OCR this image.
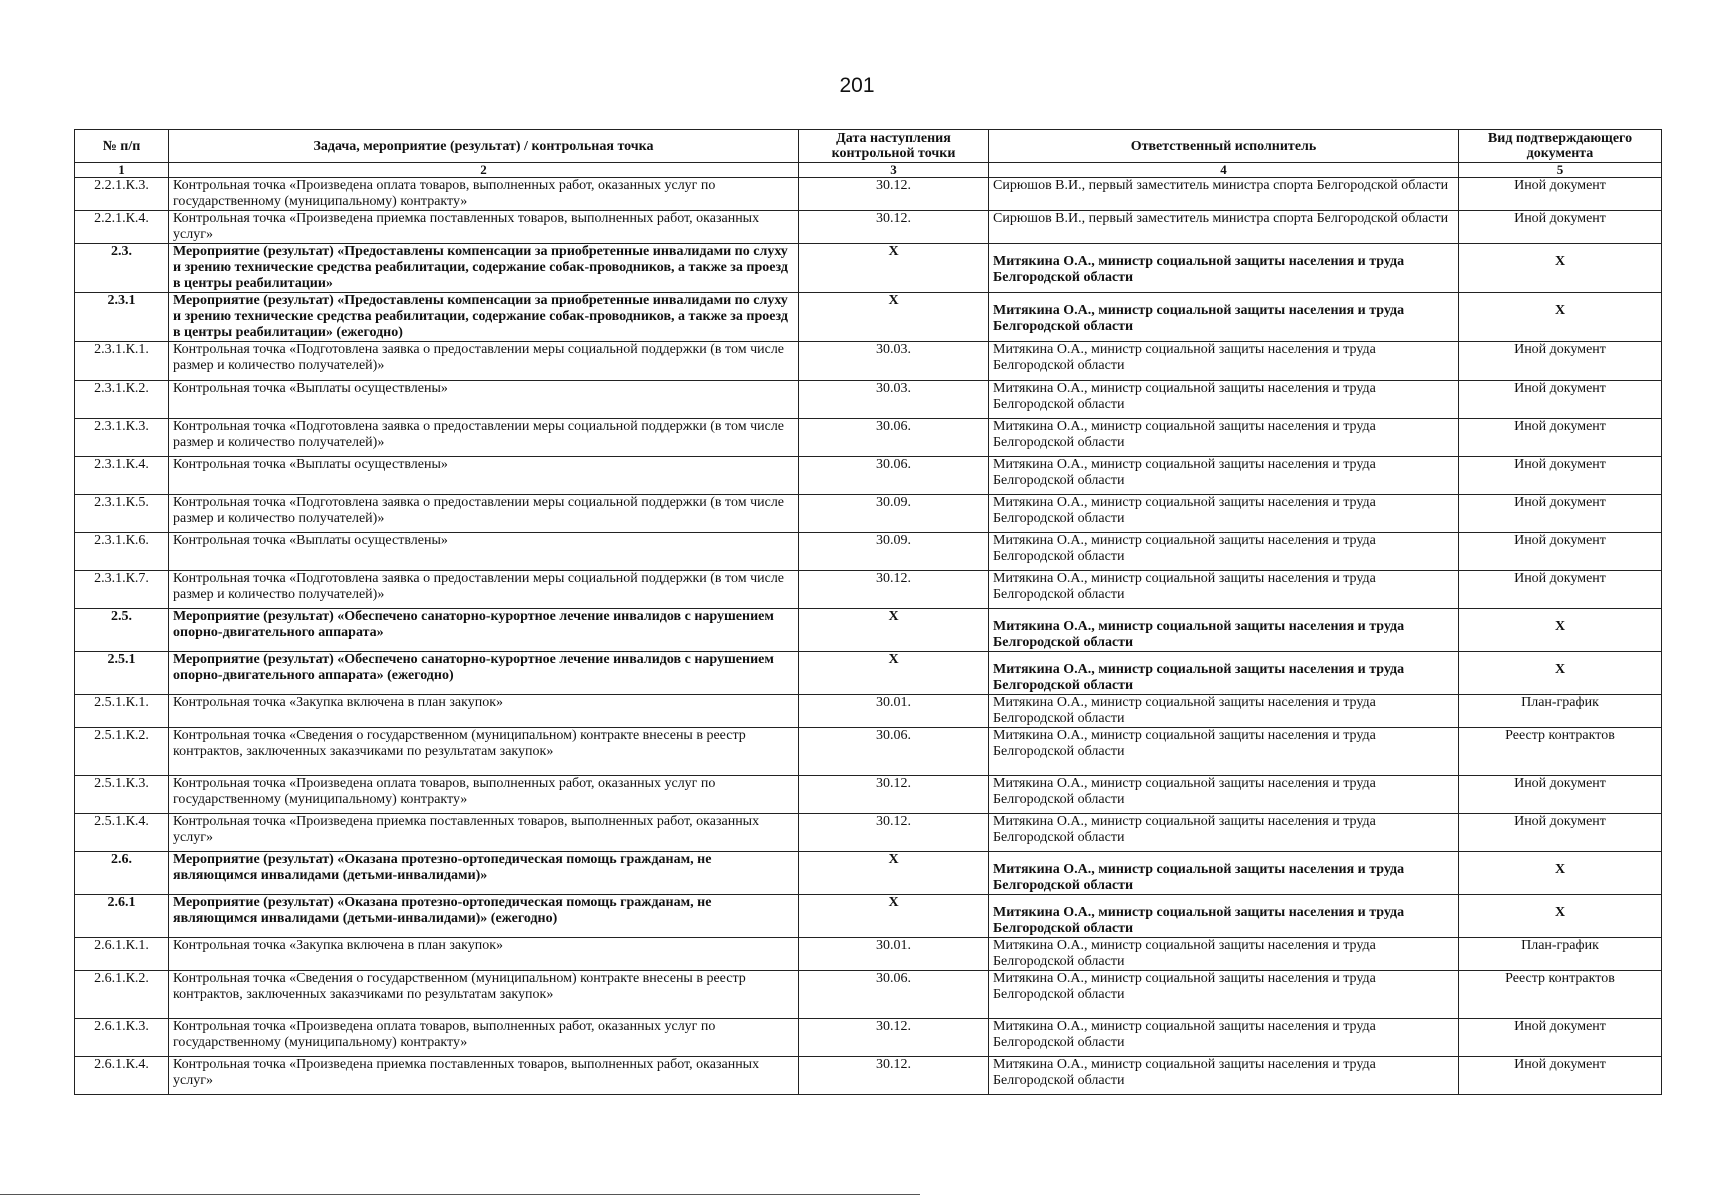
201
№ п/п	Задача, мероприятие (результат) / контрольная точка	Дата наступления контрольной точки	Ответственный исполнитель	Вид подтверждающего документа
1	2	3	4	5
2.2.1.К.3.	Контрольная точка «Произведена оплата товаров, выполненных работ, оказанных услуг по государственному (муниципальному) контракту»	30.12.	Сирюшов В.И., первый заместитель министра спорта Белгородской области	Иной документ
2.2.1.К.4.	Контрольная точка «Произведена приемка поставленных товаров, выполненных работ, оказанных услуг»	30.12.	Сирюшов В.И., первый заместитель министра спорта Белгородской области	Иной документ
2.3.	Мероприятие (результат) «Предоставлены компенсации за приобретенные инвалидами по слуху и зрению технические средства реабилитации, содержание собак-проводников, а также за проезд в центры реабилитации»	X	Митякина О.А., министр социальной защиты населения и труда Белгородской области	X
2.3.1	Мероприятие (результат) «Предоставлены компенсации за приобретенные инвалидами по слуху и зрению технические средства реабилитации, содержание собак-проводников, а также за проезд в центры реабилитации» (ежегодно)	X	Митякина О.А., министр социальной защиты населения и труда Белгородской области	X
2.3.1.К.1.	Контрольная точка «Подготовлена заявка о предоставлении меры социальной поддержки (в том числе размер и количество получателей)»	30.03.	Митякина О.А., министр социальной защиты населения и труда Белгородской области	Иной документ
2.3.1.К.2.	Контрольная точка «Выплаты осуществлены»	30.03.	Митякина О.А., министр социальной защиты населения и труда Белгородской области	Иной документ
2.3.1.К.3.	Контрольная точка «Подготовлена заявка о предоставлении меры социальной поддержки (в том числе размер и количество получателей)»	30.06.	Митякина О.А., министр социальной защиты населения и труда Белгородской области	Иной документ
2.3.1.К.4.	Контрольная точка «Выплаты осуществлены»	30.06.	Митякина О.А., министр социальной защиты населения и труда Белгородской области	Иной документ
2.3.1.К.5.	Контрольная точка «Подготовлена заявка о предоставлении меры социальной поддержки (в том числе размер и количество получателей)»	30.09.	Митякина О.А., министр социальной защиты населения и труда Белгородской области	Иной документ
2.3.1.К.6.	Контрольная точка «Выплаты осуществлены»	30.09.	Митякина О.А., министр социальной защиты населения и труда Белгородской области	Иной документ
2.3.1.К.7.	Контрольная точка «Подготовлена заявка о предоставлении меры социальной поддержки (в том числе размер и количество получателей)»	30.12.	Митякина О.А., министр социальной защиты населения и труда Белгородской области	Иной документ
2.5.	Мероприятие (результат) «Обеспечено санаторно-курортное лечение инвалидов с нарушением опорно-двигательного аппарата»	X	Митякина О.А., министр социальной защиты населения и труда Белгородской области	X
2.5.1	Мероприятие (результат) «Обеспечено санаторно-курортное лечение инвалидов с нарушением опорно-двигательного аппарата» (ежегодно)	X	Митякина О.А., министр социальной защиты населения и труда Белгородской области	X
2.5.1.К.1.	Контрольная точка «Закупка включена в план закупок»	30.01.	Митякина О.А., министр социальной защиты населения и труда Белгородской области	План-график
2.5.1.К.2.	Контрольная точка «Сведения о государственном (муниципальном) контракте внесены в реестр контрактов, заключенных заказчиками по результатам закупок»	30.06.	Митякина О.А., министр социальной защиты населения и труда Белгородской области	Реестр контрактов
2.5.1.К.3.	Контрольная точка «Произведена оплата товаров, выполненных работ, оказанных услуг по государственному (муниципальному) контракту»	30.12.	Митякина О.А., министр социальной защиты населения и труда Белгородской области	Иной документ
2.5.1.К.4.	Контрольная точка «Произведена приемка поставленных товаров, выполненных работ, оказанных услуг»	30.12.	Митякина О.А., министр социальной защиты населения и труда Белгородской области	Иной документ
2.6.	Мероприятие (результат) «Оказана протезно-ортопедическая помощь гражданам, не являющимся инвалидами (детьми-инвалидами)»	X	Митякина О.А., министр социальной защиты населения и труда Белгородской области	X
2.6.1	Мероприятие (результат) «Оказана протезно-ортопедическая помощь гражданам, не являющимся инвалидами (детьми-инвалидами)» (ежегодно)	X	Митякина О.А., министр социальной защиты населения и труда Белгородской области	X
2.6.1.К.1.	Контрольная точка «Закупка включена в план закупок»	30.01.	Митякина О.А., министр социальной защиты населения и труда Белгородской области	План-график
2.6.1.К.2.	Контрольная точка «Сведения о государственном (муниципальном) контракте внесены в реестр контрактов, заключенных заказчиками по результатам закупок»	30.06.	Митякина О.А., министр социальной защиты населения и труда Белгородской области	Реестр контрактов
2.6.1.К.3.	Контрольная точка «Произведена оплата товаров, выполненных работ, оказанных услуг по государственному (муниципальному) контракту»	30.12.	Митякина О.А., министр социальной защиты населения и труда Белгородской области	Иной документ
2.6.1.К.4.	Контрольная точка «Произведена приемка поставленных товаров, выполненных работ, оказанных услуг»	30.12.	Митякина О.А., министр социальной защиты населения и труда Белгородской области	Иной документ
